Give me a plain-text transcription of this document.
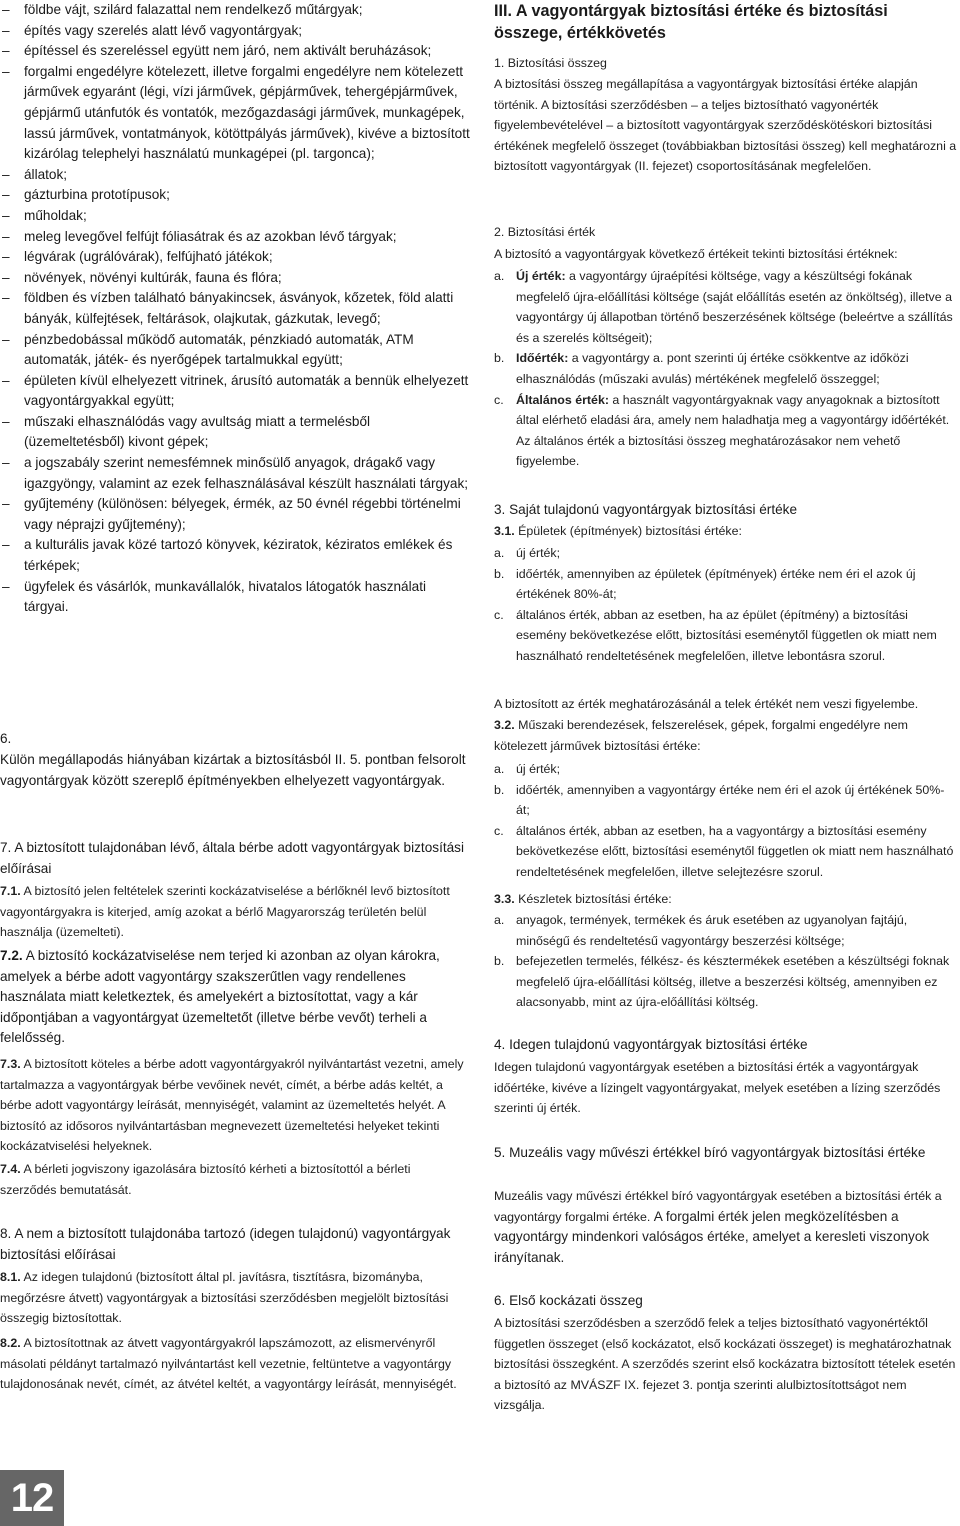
– földbe vájt, szilárd falazattal nem rendelkező műtárgyak;
– építés vagy szerelés alatt lévő vagyontárgyak;
– építéssel és szereléssel együtt nem járó, nem aktivált beruházások;
– forgalmi engedélyre kötelezett, illetve forgalmi engedélyre nem kötelezett járművek egyaránt (légi, vízi járművek, gépjárművek, tehergépjárművek, gépjármű utánfutók és vontatók, mezőgazdasági járművek, munkagépek, lassú járművek, vontatmányok, kötöttpályás járművek), kivéve a biztosított kizárólag telephelyi használatú munkagépei (pl. targonca);
– állatok;
– gázturbina prototípusok;
– műholdak;
– meleg levegővel felfújt fóliasátrak és az azokban lévő tárgyak;
– légvárak (ugrálóvárak), felfújható játékok;
– növények, növényi kultúrák, fauna és flóra;
– földben és vízben található bányakincsek, ásványok, kőzetek, föld alatti bányák, külfejtések, feltárások, olajkutak, gázkutak, levegő;
– pénzbedobással működő automaták, pénzkiadó automaták, ATM automaták, játék- és nyerőgépek tartalmukkal együtt;
– épületen kívül elhelyezett vitrinek, árusító automaták a bennük elhelyezett vagyontárgyakkal együtt;
– műszaki elhasználódás vagy avultság miatt a termelésből (üzemeltetésből) kivont gépek;
– a jogszabály szerint nemesfémnek minősülő anyagok, drágakő vagy igazgyöngy, valamint az ezek felhasználásával készült használati tárgyak;
– gyűjtemény (különösen: bélyegek, érmék, az 50 évnél régebbi történelmi vagy néprajzi gyűjtemény);
– a kulturális javak közé tartozó könyvek, kéziratok, kéziratos emlékek és térképek;
– ügyfelek és vásárlók, munkavállalók, hivatalos látogatók használati tárgyai.
6.

Külön megállapodás hiányában kizártak a biztosításból II. 5. pontban felsorolt vagyontárgyak között szereplő építményekben elhelyezett vagyontárgyak.

7. A biztosított tulajdonában lévő, általa bérbe adott vagyontárgyak biztosítási előírásai

7.1. A biztosító jelen feltételek szerinti kockázatviselése a bérlőknél levő biztosított vagyontárgyakra is kiterjed, amíg azokat a bérlő Magyarország területén belül használja (üzemelteti).

7.2. A biztosító kockázatviselése nem terjed ki azonban az olyan károkra, amelyek a bérbe adott vagyontárgy szakszerűtlen vagy rendellenes használata miatt keletkeztek, és amelyekért a biztosítottat, vagy a kár időpontjában a vagyontárgyat üzemeltetőt (illetve bérbe vevőt) terheli a felelősség.

7.3. A biztosított köteles a bérbe adott vagyontárgyakról nyilvántartást vezetni, amely tartalmazza a vagyontárgyak bérbe vevőinek nevét, címét, a bérbe adás keltét, a bérbe adott vagyontárgy leírását, mennyiségét, valamint az üzemeltetés helyét. A biztosító az idősoros nyilvántartásban megnevezett üzemeltetési helyeket tekinti kockázatviselési helyeknek.

7.4. A bérleti jogviszony igazolására biztosító kérheti a biztosítottól a bérleti szerződés bemutatását.

8. A nem a biztosított tulajdonába tartozó (idegen tulajdonú) vagyontárgyak biztosítási előírásai

8.1. Az idegen tulajdonú (biztosított által pl. javításra, tisztításra, bizományba, megőrzésre átvett) vagyontárgyak a biztosítási szerződésben megjelölt biztosítási összegig biztosítottak.

8.2. A biztosítottnak az átvett vagyontárgyakról lapszámozott, az elismervényről másolati példányt tartalmazó nyilvántartást kell vezetnie, feltüntetve a vagyontárgy tulajdonosának nevét, címét, az átvétel keltét, a vagyontárgy leírását, mennyiségét.

III. A vagyontárgyak biztosítási értéke és biztosítási összege, értékkövetés

1. Biztosítási összeg

A biztosítási összeg megállapítása a vagyontárgyak biztosítási értéke alapján történik. A biztosítási szerződésben – a teljes biztosítható vagyonérték figyelembevételével – a biztosított vagyontárgyak szerződéskötéskori biztosítási értékének megfelelő összeget (továbbiakban biztosítási összeg) kell meghatározni a biztosított vagyontárgyak (II. fejezet) csoportosításának megfelelően.

2. Biztosítási érték

A biztosító a vagyontárgyak következő értékeit tekinti biztosítási értéknek:

a. Új érték: a vagyontárgy újraépítési költsége, vagy a készültségi fokának megfelelő újra-előállítási költsége (saját előállítás esetén az önköltség), illetve a vagyontárgy új állapotban történő beszerzésének költsége (beleértve a szállítás és a szerelés költségeit);
b. Időérték: a vagyontárgy a. pont szerinti új értéke csökkentve az időközi elhasználódás (műszaki avulás) mértékének megfelelő összeggel;
c. Általános érték: a használt vagyontárgyaknak vagy anyagoknak a biztosított által elérhető eladási ára, amely nem haladhatja meg a vagyontárgy időértékét. Az általános érték a biztosítási összeg meghatározásakor nem vehető figyelembe.

3. Saját tulajdonú vagyontárgyak biztosítási értéke

3.1. Épületek (építmények) biztosítási értéke:

a. új érték;
b. időérték, amennyiben az épületek (építmények) értéke nem éri el azok új értékének 80%-át;
c. általános érték, abban az esetben, ha az épület (építmény) a biztosítási esemény bekövetkezése előtt, biztosítási eseménytől független ok miatt nem használható rendeltetésének megfelelően, illetve lebontásra szorul.

A biztosított az érték meghatározásánál a telek értékét nem veszi figyelembe.

3.2. Műszaki berendezések, felszerelések, gépek, forgalmi engedélyre nem kötelezett járművek biztosítási értéke:

a. új érték;
b. időérték, amennyiben a vagyontárgy értéke nem éri el azok új értékének 50%-át;
c. általános érték, abban az esetben, ha a vagyontárgy a biztosítási esemény bekövetkezése előtt, biztosítási eseménytől független ok miatt nem használható rendeltetésének megfelelően, illetve selejtezésre szorul.

3.3. Készletek biztosítási értéke:

a. anyagok, termények, termékek és áruk esetében az ugyanolyan fajtájú, minőségű és rendeltetésű vagyontárgy beszerzési költsége;
b. befejezetlen termelés, félkész- és késztermékek esetében a készültségi foknak megfelelő újra-előállítási költség, illetve a beszerzési költség, amennyiben ez alacsonyabb, mint az újra-előállítási költség.

4. Idegen tulajdonú vagyontárgyak biztosítási értéke

Idegen tulajdonú vagyontárgyak esetében a biztosítási érték a vagyontárgyak időértéke, kivéve a lízingelt vagyontárgyakat, melyek esetében a lízing szerződés szerinti új érték.

5. Muzeális vagy művészi értékkel bíró vagyontárgyak biztosítási értéke

Muzeális vagy művészi értékkel bíró vagyontárgyak esetében a biztosítási érték a vagyontárgy forgalmi értéke. A forgalmi érték jelen megközelítésben a vagyontárgy mindenkori valóságos értéke, amelyet a keresleti viszonyok irányítanak.

6. Első kockázati összeg

A biztosítási szerződésben a szerződő felek a teljes biztosítható vagyonértéktől független összeget (első kockázatot, első kockázati összeget) is meghatározhatnak biztosítási összegként. A szerződés szerint első kockázatra biztosított tételek esetén a biztosító az MVÁSZF IX. fejezet 3. pontja szerinti alulbiztosítottságot nem vizsgálja.

12
